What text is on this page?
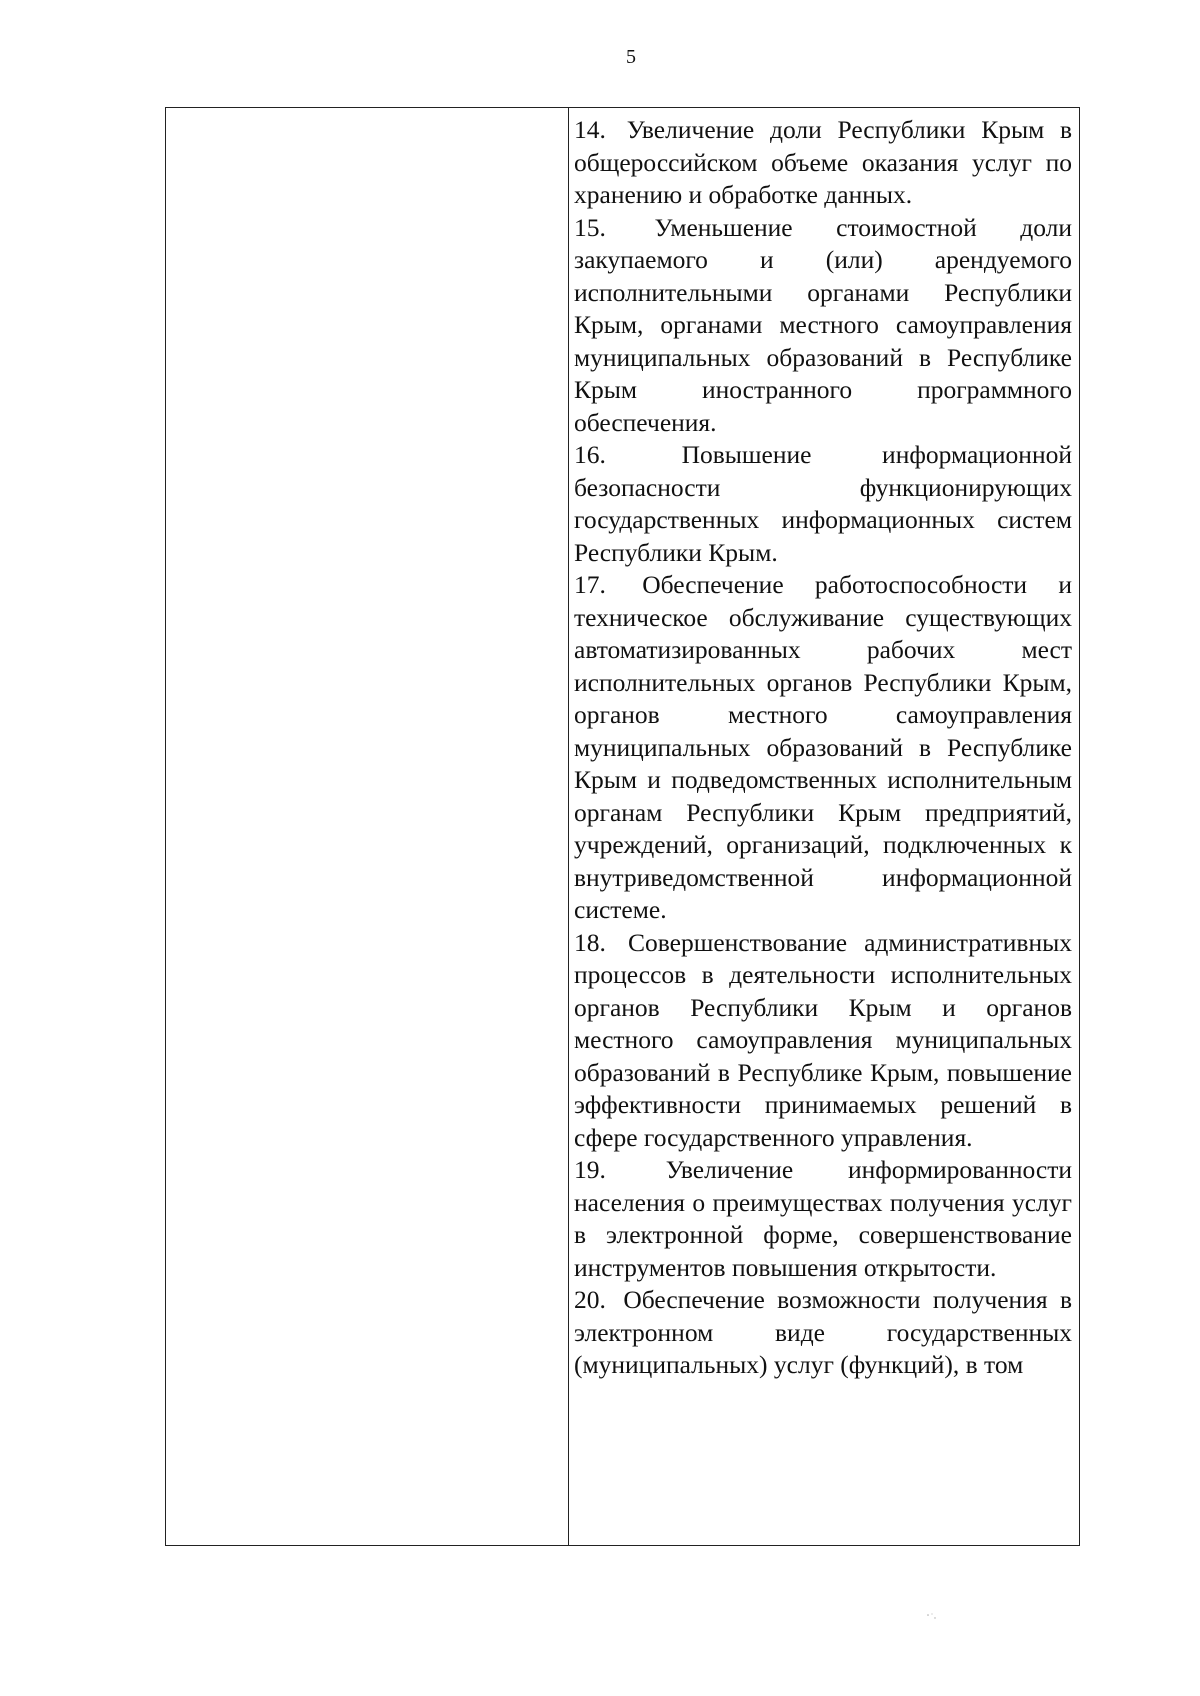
5

14. Увеличение доли Республики Крым в общероссийском объеме оказания услуг по хранению и обработке данных.

15. Уменьшение стоимостной доли закупаемого и (или) арендуемого исполнительными органами Республики Крым, органами местного самоуправления муниципальных образований в Республике Крым иностранного программного обеспечения.

16.	Повышение информационной безопасности функционирующих государственных информационных систем Республики Крым.

17. Обеспечение работоспособности и техническое обслуживание существующих автоматизированных рабочих мест исполнительных органов Республики Крым, органов местного самоуправления муниципальных образований в Республике Крым и подведомственных исполнительным органам Республики Крым предприятий, учреждений, организаций, подключенных к внутриведомственной информационной системе.

18. Совершенствование административных процессов в деятельности исполнительных органов Республики Крым и органов местного самоуправления муниципальных образований в Республике Крым, повышение эффективности принимаемых решений в сфере государственного управления.

19. Увеличение информированности населения о преимуществах получения услуг в электронной форме, совершенствование инструментов повышения открытости.

20. Обеспечение возможности получения в электронном виде государственных (муниципальных) услуг (функций), в том
